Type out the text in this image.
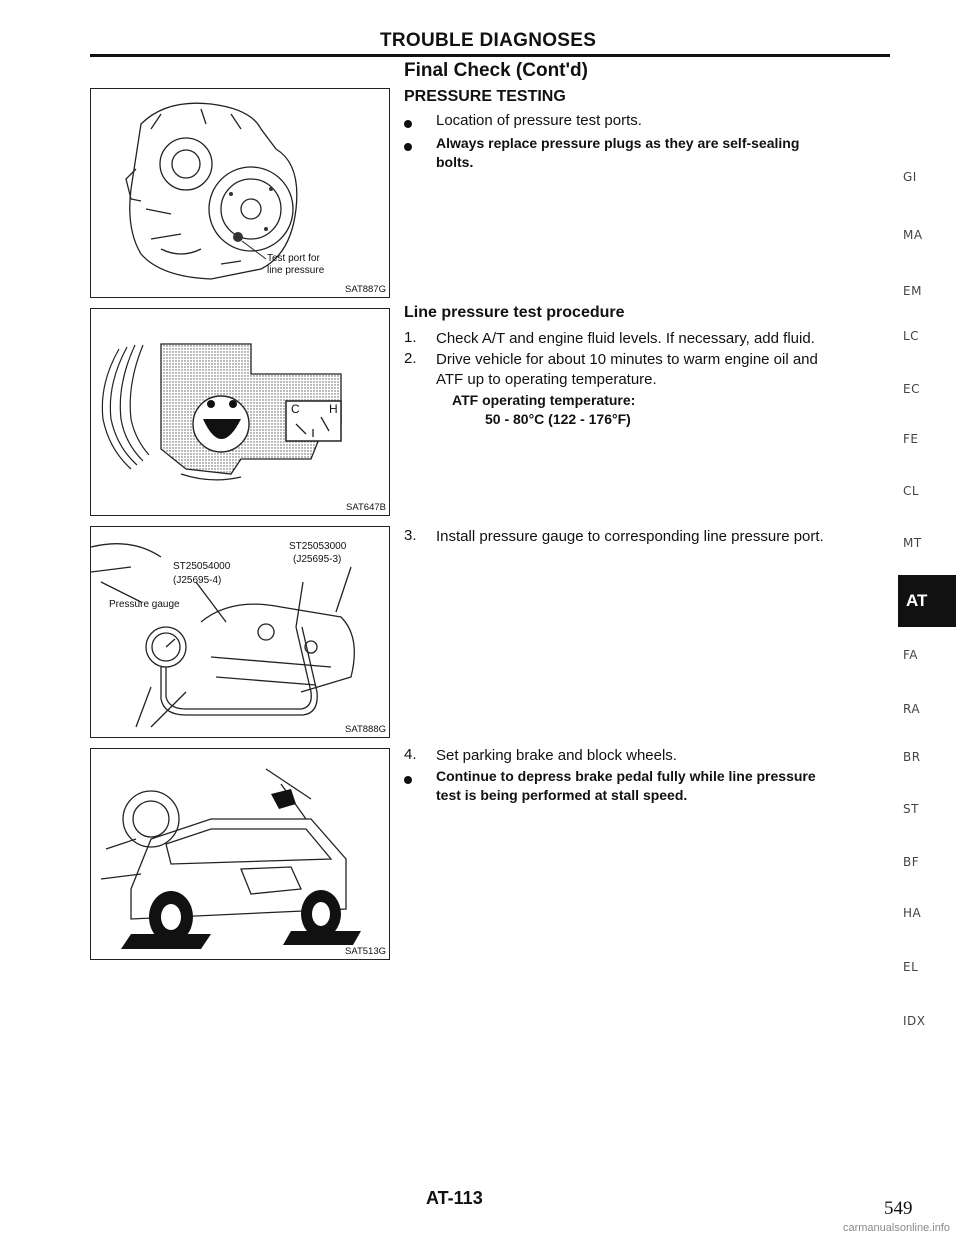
TROUBLE DIAGNOSES
Final Check (Cont'd)
PRESSURE TESTING
Location of pressure test ports.
Always replace pressure plugs as they are self-sealing
bolts.
Line pressure test procedure
1. Check A/T and engine fluid levels. If necessary, add fluid.
2. Drive vehicle for about 10 minutes to warm engine oil and
ATF up to operating temperature.
ATF operating temperature:
50 - 80°C (122 - 176°F)
3. Install pressure gauge to corresponding line pressure port.
4. Set parking brake and block wheels.
Continue to depress brake pedal fully while line pressure
test is being performed at stall speed.
Test port for
line pressure
SAT887G
C H
SAT647B
ST25053000
(J25695-3)
ST25054000
(J25695-4)
Pressure gauge
SAT888G
SAT513G
GI
MA
EM
LC
EC
FE
CL
MT
AT
FA
RA
BR
ST
BF
HA
EL
IDX
AT-113	549
carmanualsonline.info
